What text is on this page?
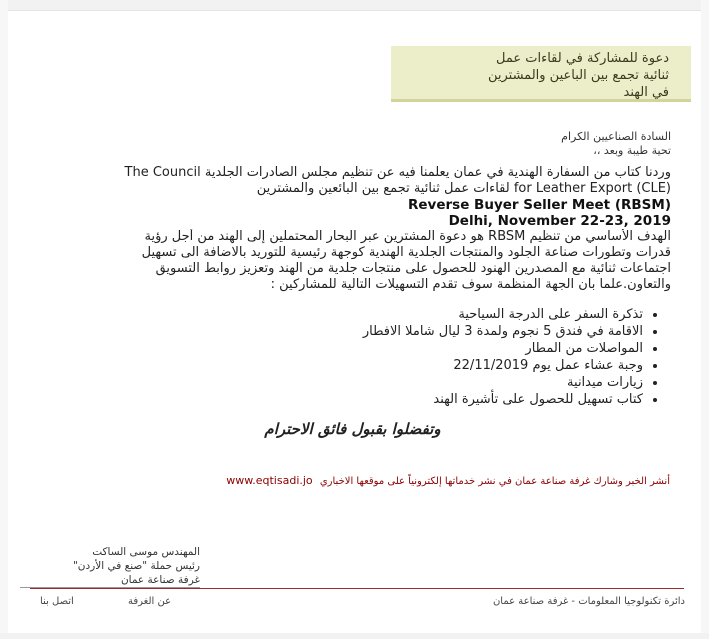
دعوة للمشاركة في لقاءات عمل
ثنائية تجمع بين الباعين والمشترين
في الهند
السادة الصناعيين الكرام
تحية طيبة وبعد ،،
وردنا كتاب من السفارة الهندية في عمان يعلمنا فيه عن تنظيم مجلس الصادرات الجلدية The Council
for Leather Export (CLE) لقاءات عمل ثنائية تجمع بين البائعين والمشترين
Reverse Buyer Seller Meet (RBSM)
Delhi, November 22-23, 2019
الهدف الأساسي من تنظيم RBSM هو دعوة المشترين عبر البحار المحتملين إلى الهند من أجل رؤية
قدرات وتطورات صناعة الجلود والمنتجات الجلدية الهندية كوجهة رئيسية للتوريد بالاضافة الى تسهيل
اجتماعات ثنائية مع المصدرين الهنود للحصول على منتجات جلدية من الهند وتعزيز روابط التسويق
والتعاون.علما بان الجهة المنظمة سوف تقدم التسهيلات التالية للمشاركين :
• تذكرة السفر على الدرجة السياحية
• الاقامة في فندق 5 نجوم ولمدة 3 ليال شاملا الافطار
• المواصلات من المطار
• وجبة عشاء عمل يوم 22/11/2019
• زيارات ميدانية
• كتاب تسهيل للحصول على تأشيرة الهند
وتفضلوا بقبول فائق الاحترام
أنشر الخبر وشارك غرفة صناعة عمان في نشر خدماتها إلكترونياً على موقعها الاخباري www.eqtisadi.jo
المهندس موسى الساكت
رئيس حملة "صنع في الأردن"
غرفة صناعة عمان
دائرة تكنولوجيا المعلومات - غرفة صناعة عمان
عن الغرفة
اتصل بنا
